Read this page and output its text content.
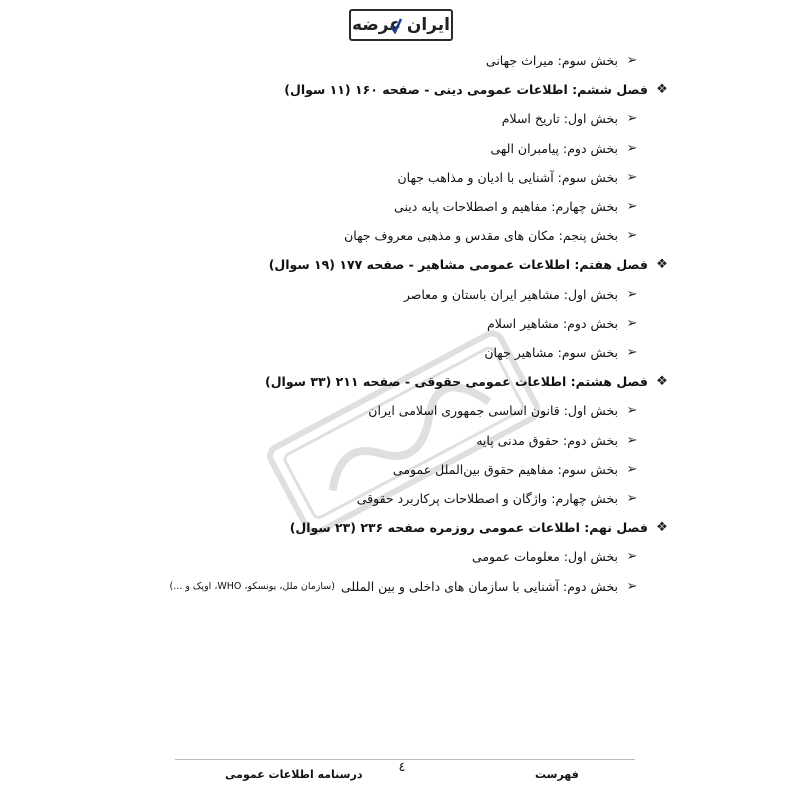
ایران عرضه
➢
بخش سوم: میراث جهانی
❖
فصل ششم: اطلاعات عمومی دینی - صفحه ۱۶۰ (۱۱ سوال)
➢
بخش اول: تاریخ اسلام
➢
بخش دوم: پیامبران الهی
➢
بخش سوم: آشنایی با ادیان و مذاهب جهان
➢
بخش چهارم: مفاهیم و اصطلاحات پایه دینی
➢
بخش پنجم: مکان های مقدس و مذهبی معروف جهان
❖
فصل هفتم: اطلاعات عمومی مشاهیر - صفحه ۱۷۷ (۱۹ سوال)
➢
بخش اول: مشاهیر ایران باستان و معاصر
➢
بخش دوم: مشاهیر اسلام
➢
بخش سوم: مشاهیر جهان
❖
فصل هشتم: اطلاعات عمومی حقوقی - صفحه ۲۱۱ (۳۳ سوال)
➢
بخش اول: قانون اساسی جمهوری اسلامی ایران
➢
بخش دوم: حقوق مدنی پایه
➢
بخش سوم: مفاهیم حقوق بین‌الملل عمومی
➢
بخش چهارم: واژگان و اصطلاحات پرکاربرد حقوقی
❖
فصل نهم: اطلاعات عمومی روزمره صفحه ۲۳۶ (۲۳ سوال)
➢
بخش اول: معلومات عمومی
➢
بخش دوم: آشنایی با سازمان های داخلی و بین المللی
(سازمان ملل، یونسکو، WHO، اوپک و ...)
درسنامه اطلاعات عمومی	٤	فهرست
